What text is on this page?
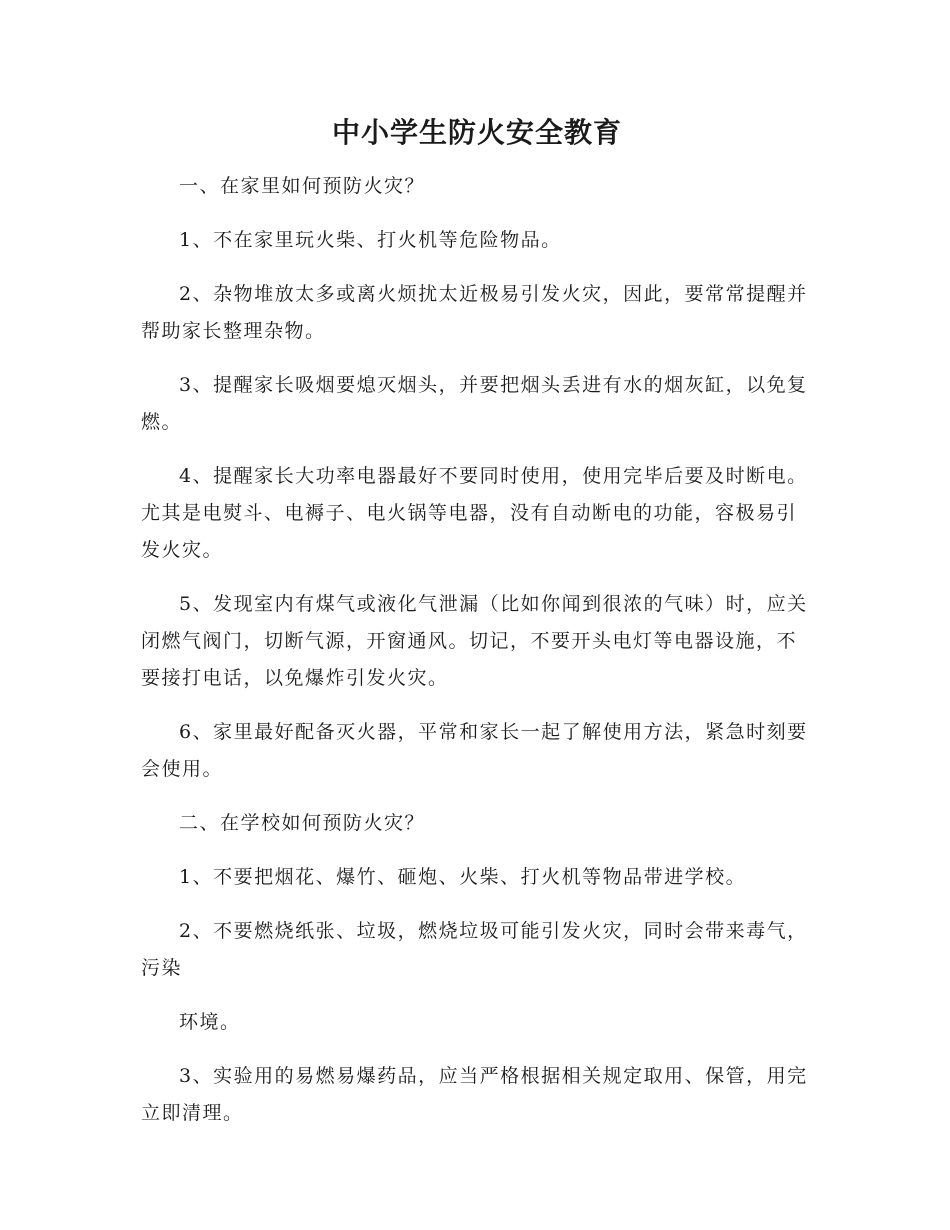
中小学生防火安全教育

一、在家里如何预防火灾？

1、不在家里玩火柴、打火机等危险物品。

2、杂物堆放太多或离火烦扰太近极易引发火灾，因此，要常常提醒并帮助家长整理杂物。

3、提醒家长吸烟要熄灭烟头，并要把烟头丢进有水的烟灰缸，以免复燃。

4、提醒家长大功率电器最好不要同时使用，使用完毕后要及时断电。尤其是电熨斗、电褥子、电火锅等电器，没有自动断电的功能，容极易引发火灾。

5、发现室内有煤气或液化气泄漏（比如你闻到很浓的气味）时，应关闭燃气阀门，切断气源，开窗通风。切记，不要开头电灯等电器设施，不要接打电话，以免爆炸引发火灾。

6、家里最好配备灭火器，平常和家长一起了解使用方法，紧急时刻要会使用。

二、在学校如何预防火灾？

1、不要把烟花、爆竹、砸炮、火柴、打火机等物品带进学校。

2、不要燃烧纸张、垃圾，燃烧垃圾可能引发火灾，同时会带来毒气，污染

环境。

3、实验用的易燃易爆药品，应当严格根据相关规定取用、保管，用完立即清理。
